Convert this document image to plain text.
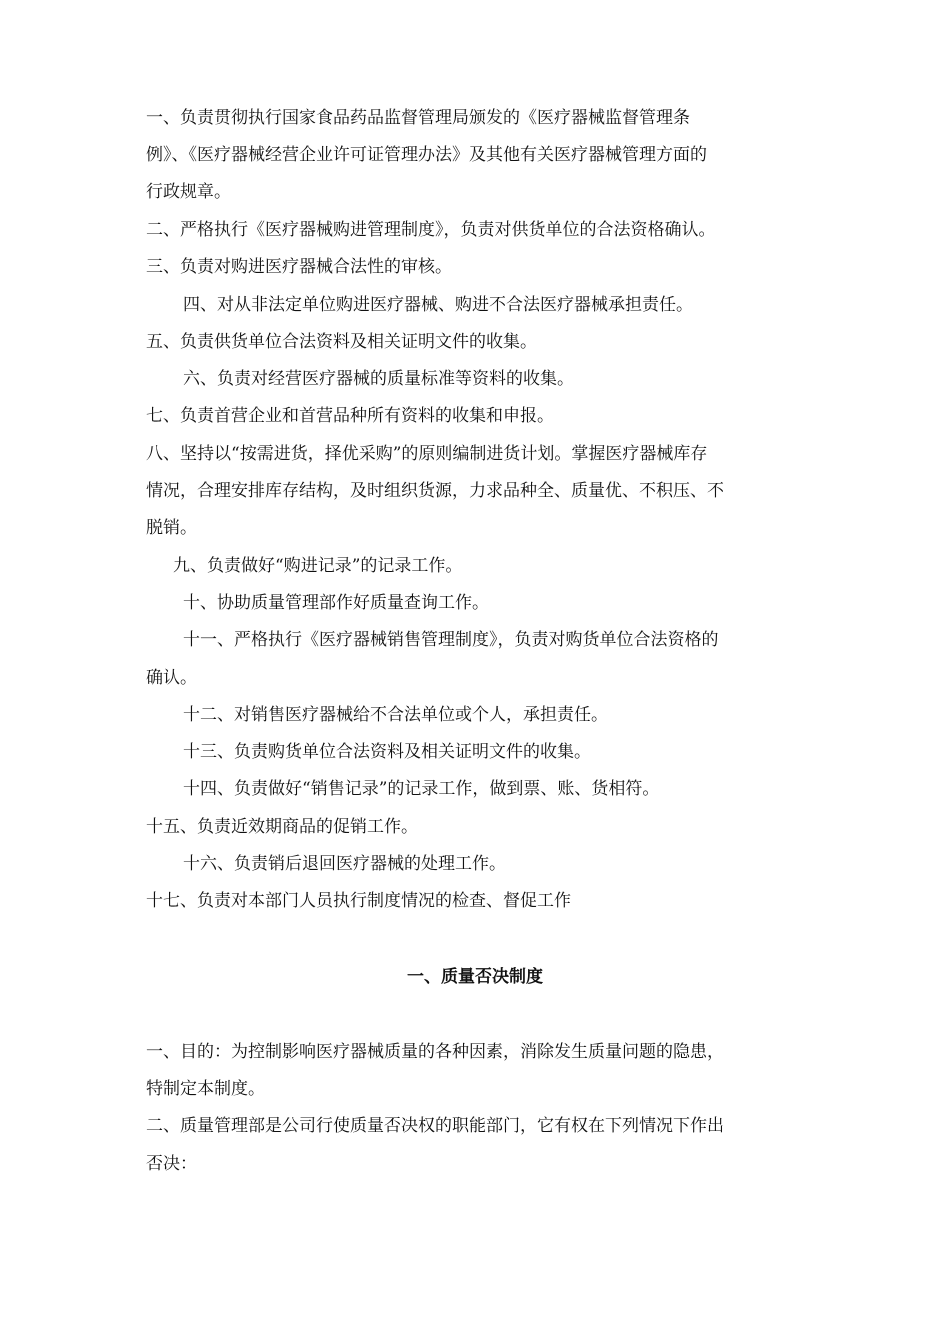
一、负责贯彻执行国家食品药品监督管理局颁发的《医疗器械监督管理条
例》、《医疗器械经营企业许可证管理办法》及其他有关医疗器械管理方面的
行政规章。
二、严格执行《医疗器械购进管理制度》，负责对供货单位的合法资格确认。
三、负责对购进医疗器械合法性的审核。
四、对从非法定单位购进医疗器械、购进不合法医疗器械承担责任。
五、负责供货单位合法资料及相关证明文件的收集。
六、负责对经营医疗器械的质量标准等资料的收集。
七、负责首营企业和首营品种所有资料的收集和申报。
八、坚持以“按需进货，择优采购”的原则编制进货计划。掌握医疗器械库存
情况，合理安排库存结构，及时组织货源，力求品种全、质量优、不积压、不
脱销。
九、负责做好“购进记录”的记录工作。
十、协助质量管理部作好质量查询工作。
十一、严格执行《医疗器械销售管理制度》，负责对购货单位合法资格的
确认。
十二、对销售医疗器械给不合法单位或个人，承担责任。
十三、负责购货单位合法资料及相关证明文件的收集。
十四、负责做好“销售记录”的记录工作，做到票、账、货相符。
十五、负责近效期商品的促销工作。
十六、负责销后退回医疗器械的处理工作。
十七、负责对本部门人员执行制度情况的检查、督促工作
一、质量否决制度
一、目的：为控制影响医疗器械质量的各种因素，消除发生质量问题的隐患，
特制定本制度。
二、质量管理部是公司行使质量否决权的职能部门，它有权在下列情况下作出
否决：
